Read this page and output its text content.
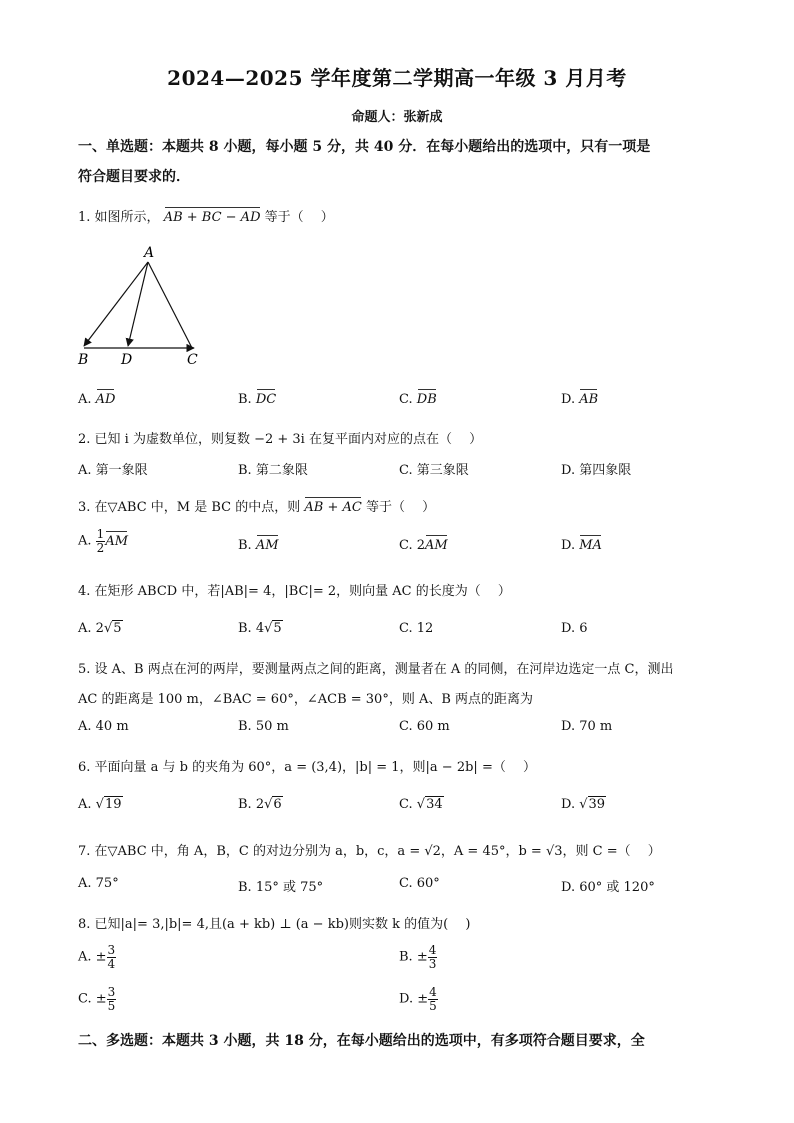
2024—2025 学年度第二学期高一年级 3 月月考
命题人：张新成
一、单选题：本题共 8 小题，每小题 5 分，共 40 分．在每小题给出的选项中，只有一项是
符合题目要求的．
1. 如图所示， AB + BC − AD 等于（　 ）
A
B D	C
A. AD	B. DC	C. DB	D. AB
2. 已知 i 为虚数单位，则复数 −2 + 3i 在复平面内对应的点在（　 ）
A. 第一象限	B. 第二象限	C. 第三象限	D. 第四象限
3. 在▽ABC 中，M 是 BC 的中点，则 AB + AC 等于（　 ）
A. $\frac{1}{2}$ AM	B. AM	C. 2AM	D. MA
4. 在矩形 ABCD 中，若|AB|= 4，|BC|= 2，则向量 AC 的长度为（　 ）
A. 2√5	B. 4√5	C. 12	D. 6
5. 设 A、B 两点在河的两岸，要测量两点之间的距离，测量者在 A 的同侧，在河岸边选定一点 C，测出
AC 的距离是 100 m，∠BAC = 60°，∠ACB = 30°，则 A、B 两点的距离为
A. 40 m	B. 50 m	C. 60 m	D. 70 m
6. 平面向量 a 与 b 的夹角为 60°，a = (3,4)，|b| = 1，则|a − 2b| =（　 ）
A. √19	B. 2√6	C. √34	D. √39
7. 在▽ABC 中，角 A，B，C 的对边分别为 a，b，c，a = √2，A = 45°，b = √3，则 C =（　 ）
A. 75°	B. 15° 或 75°	C. 60°	D. 60° 或 120°
8. 已知|a|= 3,|b|= 4,且(a + kb) ⊥ (a − kb)则实数 k 的值为(　 )
A. ± $\frac{3}{4}$	B. ± $\frac{4}{3}$
C. ± $\frac{3}{5}$	D. ± $\frac{4}{5}$
二、多选题：本题共 3 小题，共 18 分，在每小题给出的选项中，有多项符合题目要求，全
